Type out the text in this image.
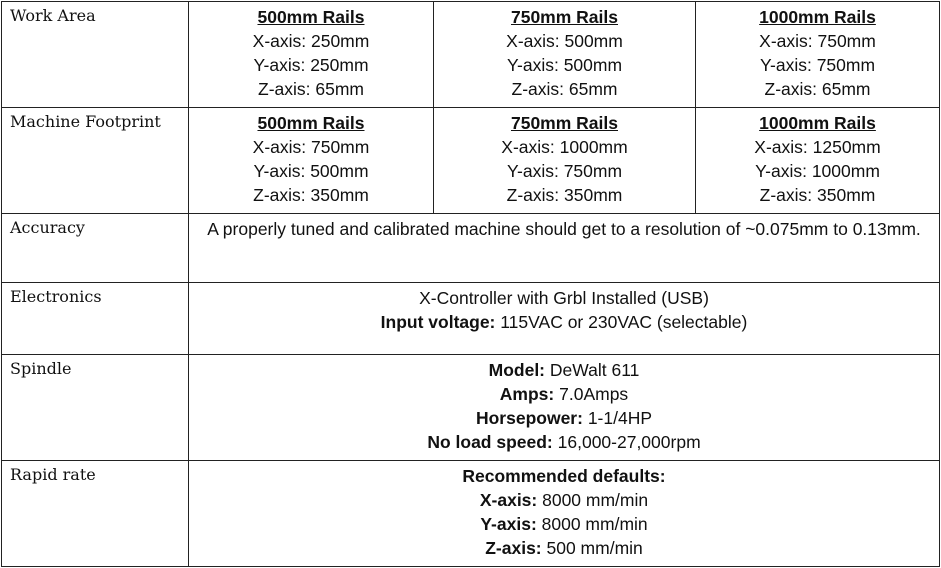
Work Area	500mm Rails
X-axis: 250mm
Y-axis: 250mm
Z-axis: 65mm	750mm Rails
X-axis: 500mm
Y-axis: 500mm
Z-axis: 65mm	1000mm Rails
X-axis: 750mm
Y-axis: 750mm
Z-axis: 65mm

Machine Footprint	500mm Rails
X-axis: 750mm
Y-axis: 500mm
Z-axis: 350mm	750mm Rails
X-axis: 1000mm
Y-axis: 750mm
Z-axis: 350mm	1000mm Rails
X-axis: 1250mm
Y-axis: 1000mm
Z-axis: 350mm

Accuracy	A properly tuned and calibrated machine should get to a resolution of ~0.075mm to 0.13mm.		
Electronics	X-Controller with Grbl Installed (USB)
Input voltage: 115VAC or 230VAC (selectable)		

Spindle	Model: DeWalt 611
Amps: 7.0Amps
Horsepower: 1-1/4HP
No load speed: 16,000-27,000rpm		

Rapid rate	Recommended defaults:
X-axis: 8000 mm/min
Y-axis: 8000 mm/min
Z-axis: 500 mm/min		
